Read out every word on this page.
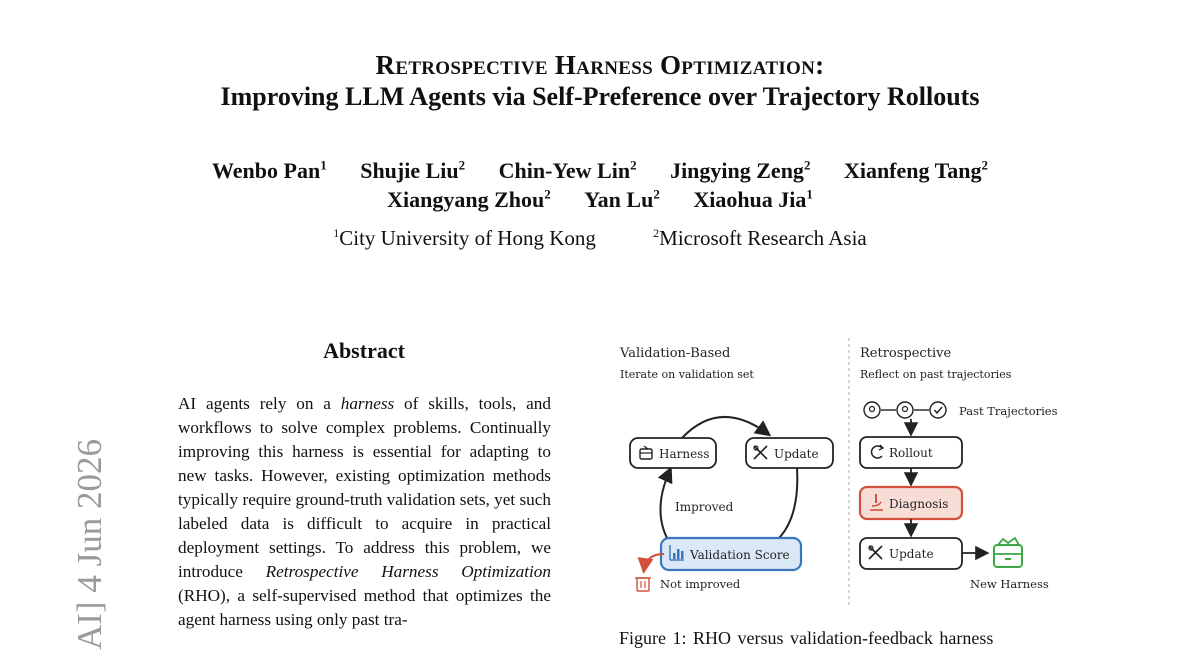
Retrospective Harness Optimization:
Improving LLM Agents via Self-Preference over Trajectory Rollouts
Wenbo Pan$^1$ Shujie Liu$^2$ Chin-Yew Lin$^2$ Jingying Zeng$^2$ Xianfeng Tang$^2$
Xiangyang Zhou$^2$ Yan Lu$^2$ Xiaohua Jia$^1$
$^1$City University of Hong Kong	$^2$Microsoft Research Asia
AI] 4 Jun 2026
Abstract
AI agents rely on a harness of skills, tools, and workflows to solve complex problems. Continually improving this harness is essential for adapting to new tasks. However, existing optimization methods typically require ground-truth validation sets, yet such labeled data is difficult to acquire in practical deployment settings. To address this problem, we introduce Retrospective Harness Optimization (RHO), a self-supervised method that optimizes the agent harness using only past tra-
Validation-Based
Iterate on validation set
Harness	Update
Improved
Validation Score
Not improved
Retrospective
Reflect on past trajectories
Past Trajectories
Rollout
Diagnosis
Update
New Harness
Figure 1: RHO versus validation-feedback harness
